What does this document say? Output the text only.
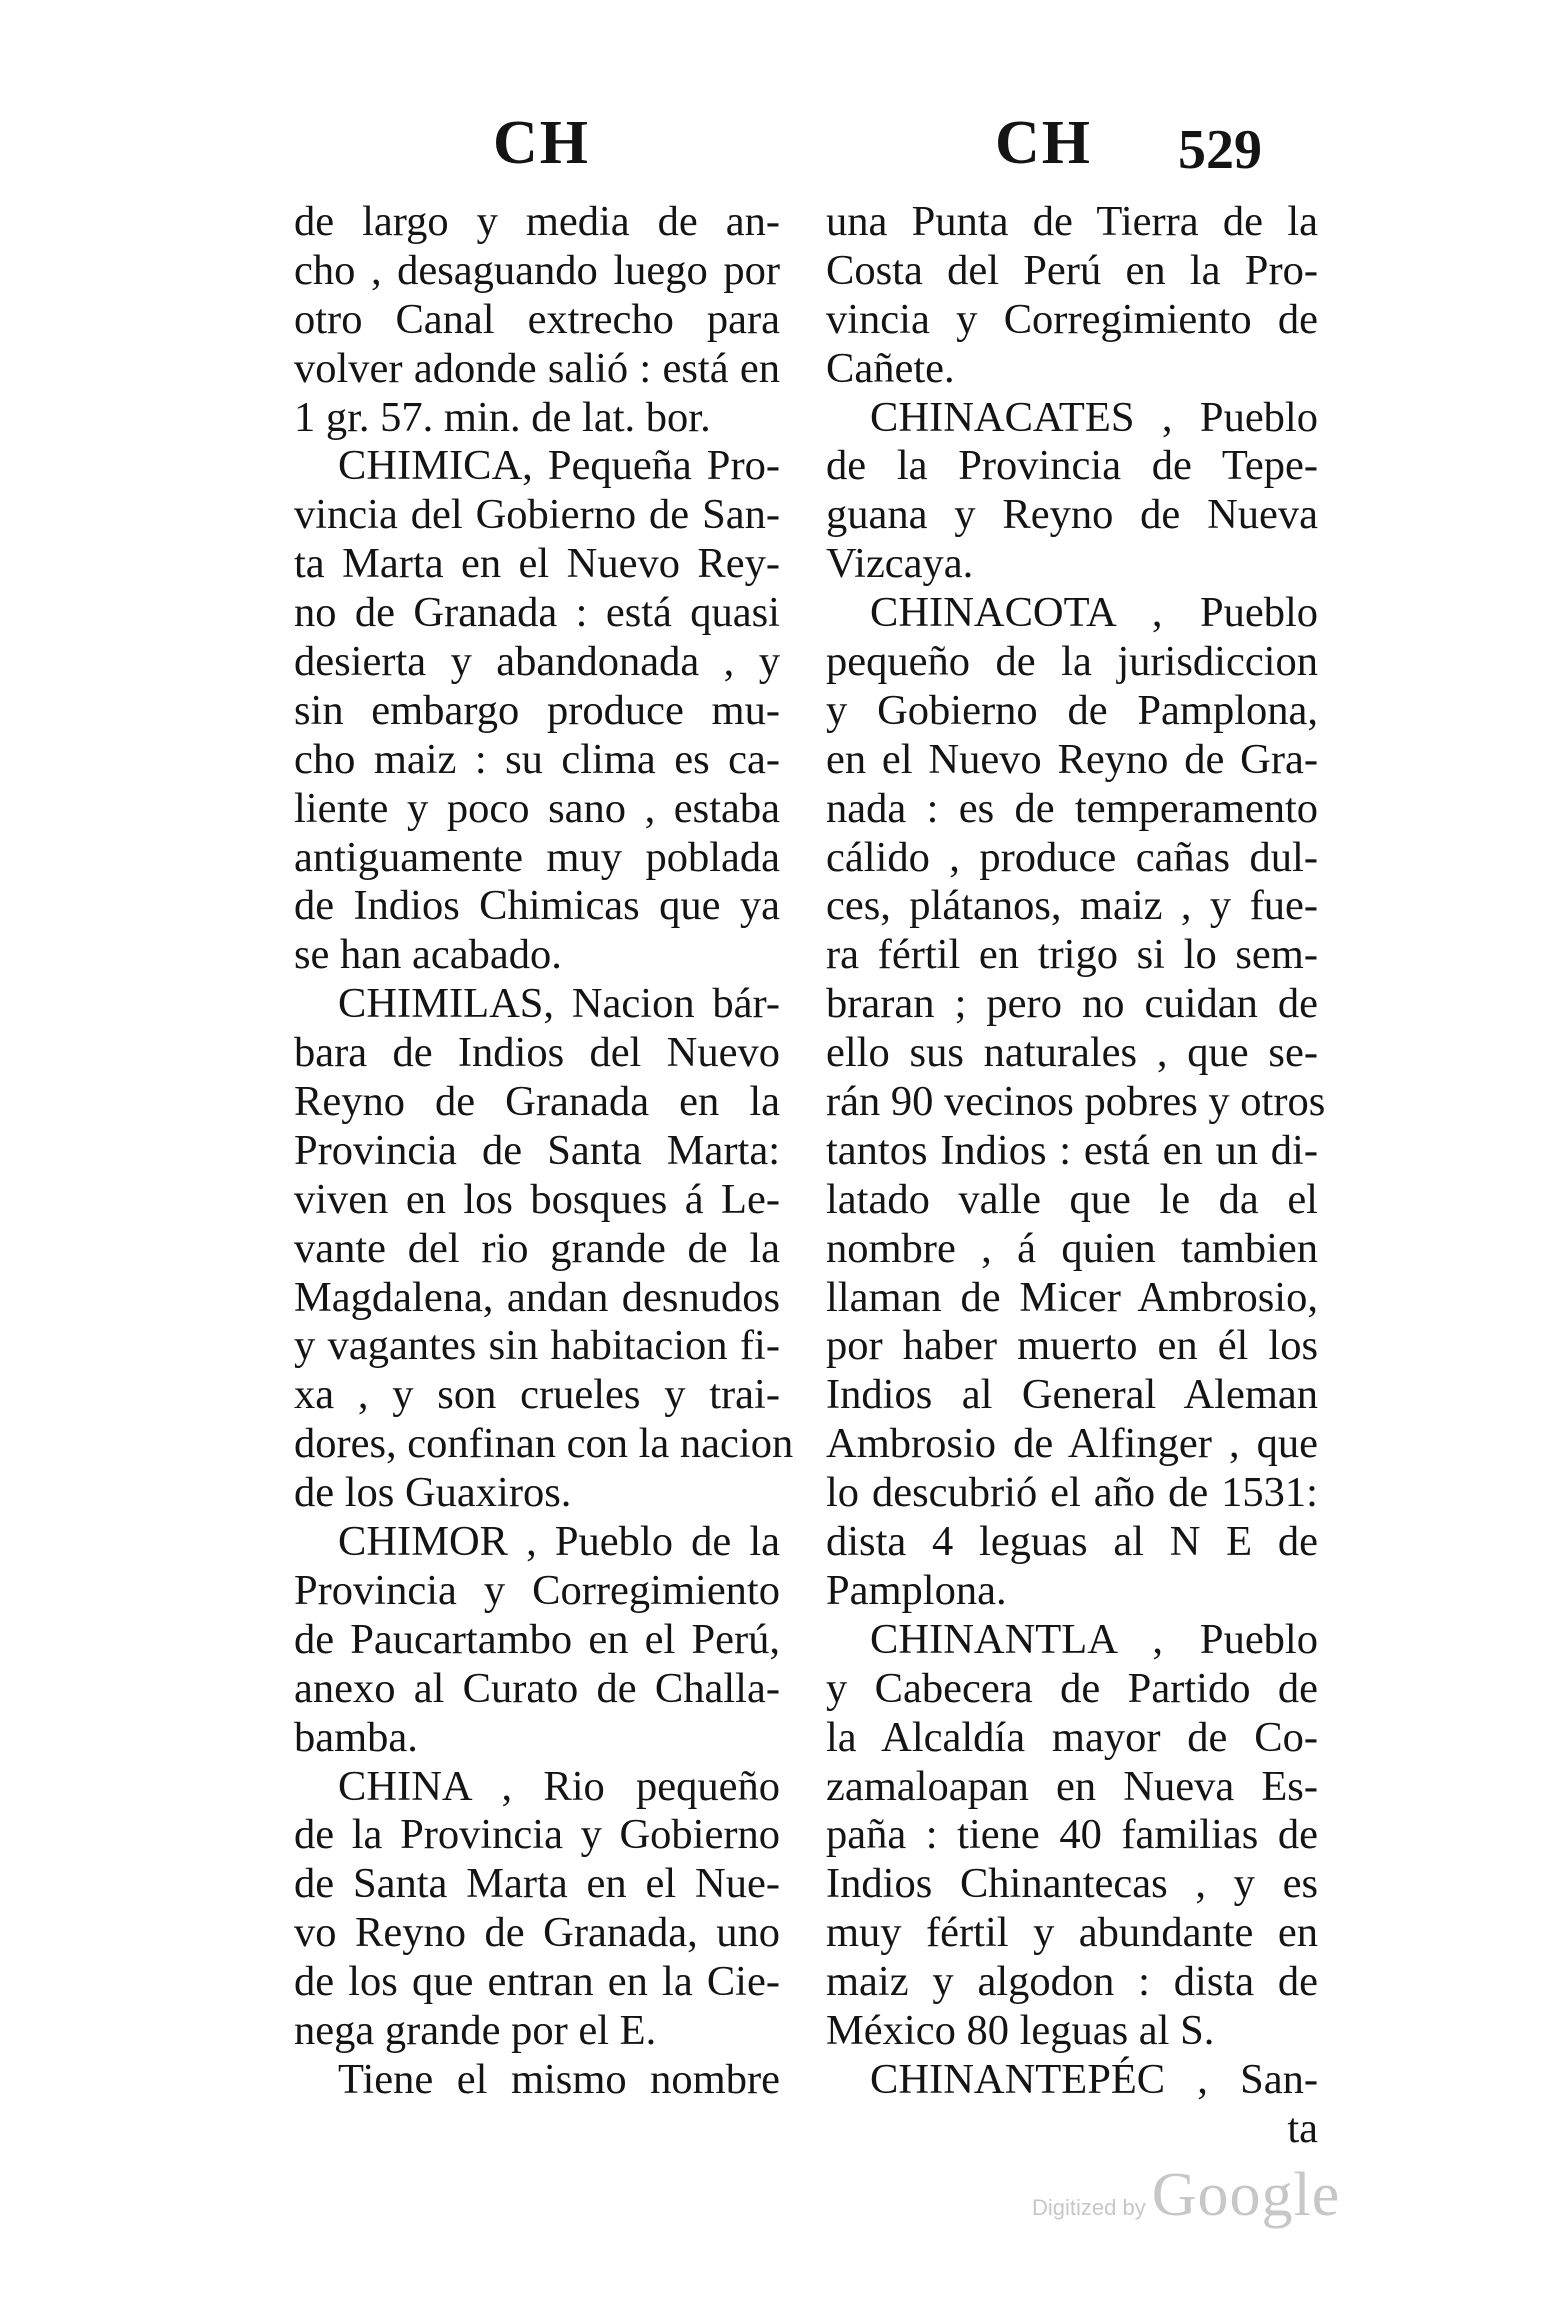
CH	CH 529
de largo y media de an-
cho , desaguando luego por
otro Canal extrecho para
volver adonde salió : está en
1 gr. 57. min. de lat. bor.
CHIMICA, Pequeña Pro-
vincia del Gobierno de San-
ta Marta en el Nuevo Rey-
no de Granada : está quasi
desierta y abandonada , y
sin embargo produce mu-
cho maiz : su clima es ca-
liente y poco sano , estaba
antiguamente muy poblada
de Indios Chimicas que ya
se han acabado.
CHIMILAS, Nacion bár-
bara de Indios del Nuevo
Reyno de Granada en la
Provincia de Santa Marta:
viven en los bosques á Le-
vante del rio grande de la
Magdalena, andan desnudos
y vagantes sin habitacion fi-
xa , y son crueles y trai-
dores, confinan con la nacion
de los Guaxiros.
CHIMOR , Pueblo de la
Provincia y Corregimiento
de Paucartambo en el Perú,
anexo al Curato de Challa-
bamba.
CHINA , Rio pequeño
de la Provincia y Gobierno
de Santa Marta en el Nue-
vo Reyno de Granada, uno
de los que entran en la Cie-
nega grande por el E.
Tiene el mismo nombre
una Punta de Tierra de la
Costa del Perú en la Pro-
vincia y Corregimiento de
Cañete.
CHINACATES , Pueblo
de la Provincia de Tepe-
guana y Reyno de Nueva
Vizcaya.
CHINACOTA , Pueblo
pequeño de la jurisdiccion
y Gobierno de Pamplona,
en el Nuevo Reyno de Gra-
nada : es de temperamento
cálido , produce cañas dul-
ces, plátanos, maiz , y fue-
ra fértil en trigo si lo sem-
braran ; pero no cuidan de
ello sus naturales , que se-
rán 90 vecinos pobres y otros
tantos Indios : está en un di-
latado valle que le da el
nombre , á quien tambien
llaman de Micer Ambrosio,
por haber muerto en él los
Indios al General Aleman
Ambrosio de Alfinger , que
lo descubrió el año de 1531:
dista 4 leguas al N E de
Pamplona.
CHINANTLA , Pueblo
y Cabecera de Partido de
la Alcaldía mayor de Co-
zamaloapan en Nueva Es-
paña : tiene 40 familias de
Indios Chinantecas , y es
muy fértil y abundante en
maiz y algodon : dista de
México 80 leguas al S.
CHINANTEPÉC , San-
ta
Digitized by Google
